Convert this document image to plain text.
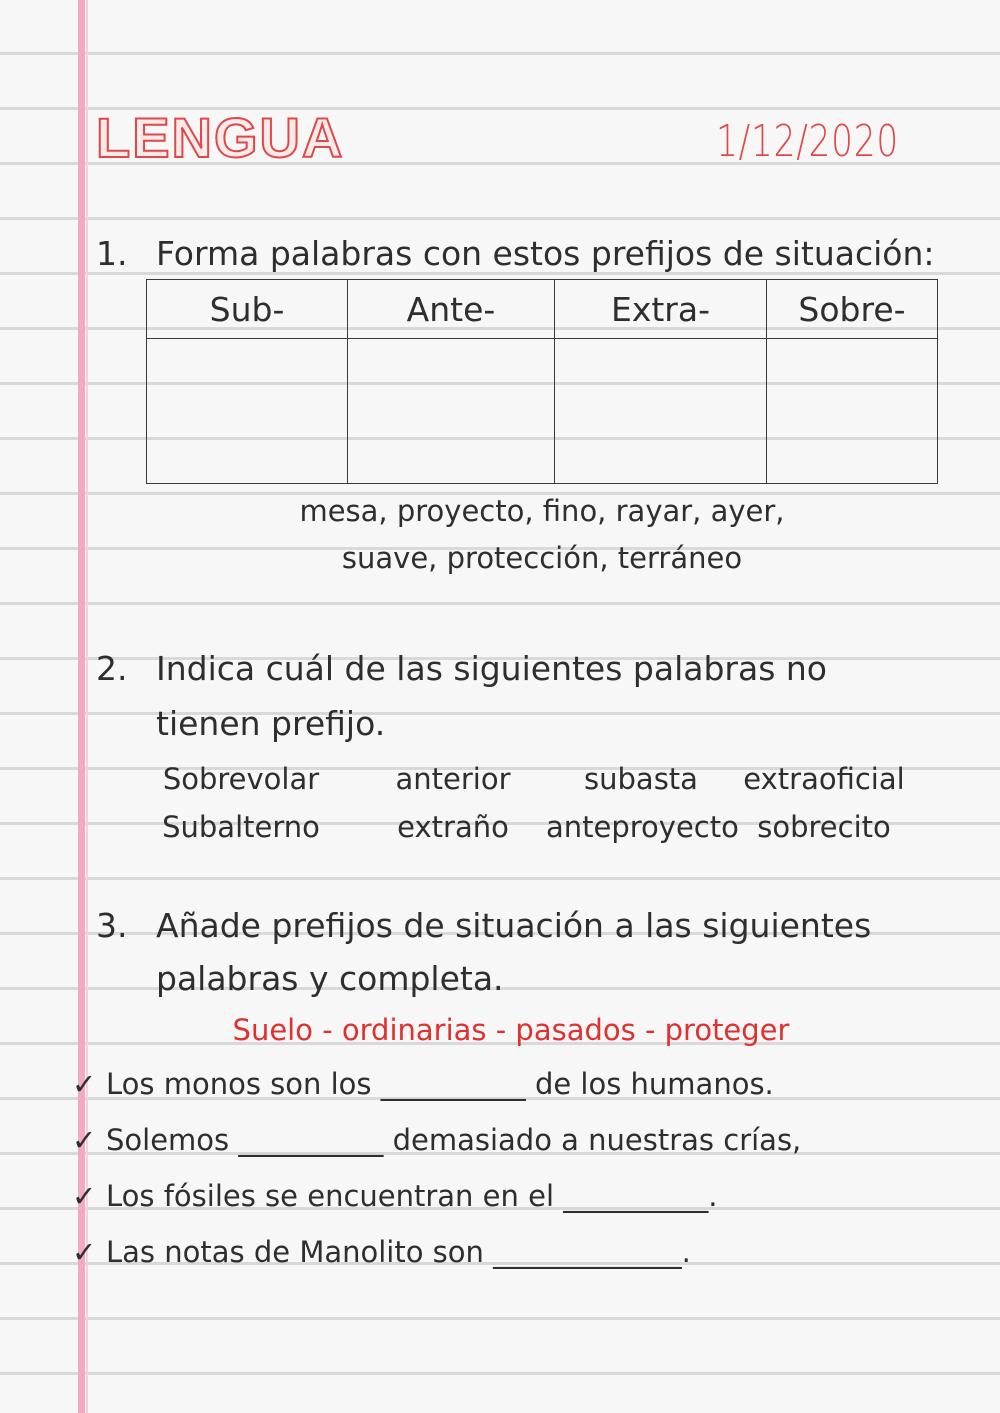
LENGUA	1/12/2020
1. Forma palabras con estos prefijos de situación:
Sub-	Ante-	Extra-	Sobre-

mesa, proyecto, fino, rayar, ayer,
suave, protección, terráneo
2. Indica cuál de las siguientes palabras no
tienen prefijo.
Sobrevolar	anterior	subasta	extraoficial
Subalterno	extraño	anteproyecto sobrecito
3. Añade prefijos de situación a las siguientes
palabras y completa.
Suelo - ordinarias - pasados - proteger
✓ Los monos son los __________ de los humanos.
✓ Solemos __________ demasiado a nuestras crías,
✓ Los fósiles se encuentran en el __________.
✓ Las notas de Manolito son _____________.
